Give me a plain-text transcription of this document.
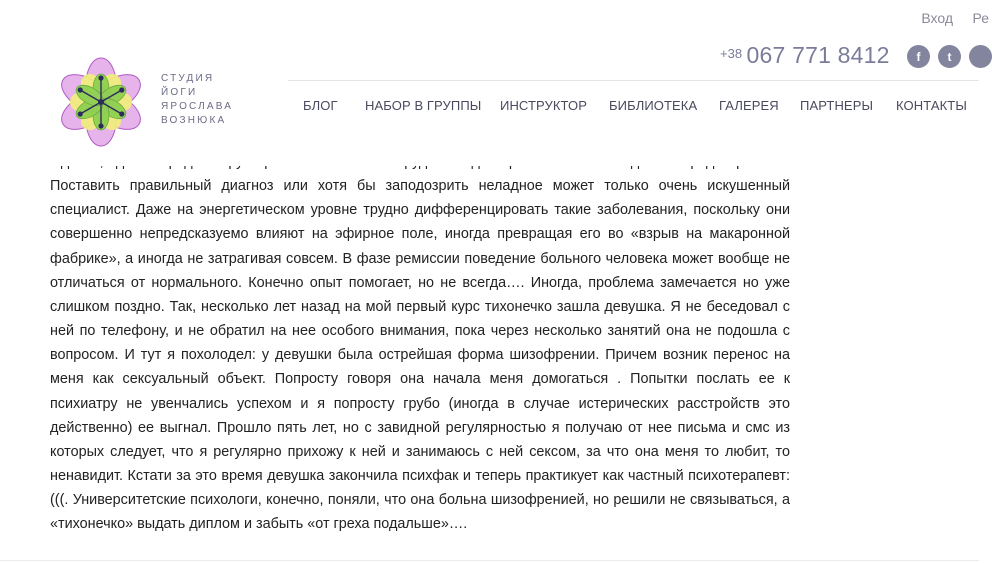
Поставить правильный диагноз или хотя бы заподозрить неладное может только очень искушенный специалист. Даже на энергетическом уровне трудно дифференцировать такие заболевания, поскольку они совершенно непредсказуемо влияют на эфирное поле, иногда превращая его во «взрыв на макаронной фабрике», а иногда не затрагивая совсем. В фазе ремиссии поведение больного человека может вообще не отличаться от нормального. Конечно опыт помогает, но не всегда…. Иногда, проблема замечается но уже слишком поздно. Так, несколько лет назад на мой первый курс тихонечко зашла девушка. Я не беседовал с ней по телефону, и не обратил на нее особого внимания, пока через несколько занятий она не подошла с вопросом. И тут я похолодел: у девушки была острейшая форма шизофрении. Причем возник перенос на меня как сексуальный объект. Попросту говоря она начала меня домогаться . Попытки послать ее к психиатру не увенчались успехом и я попросту грубо (иногда в случае истерических расстройств это действенно) ее выгнал. Прошло пять лет, но с завидной регулярностью я получаю от нее письма и смс из которых следует, что я регулярно прихожу к ней и занимаюсь с ней сексом, за что она меня то любит, то ненавидит. Кстати за это время девушка закончила психфак и теперь практикует как частный психотерапевт:(((. Университетские психологи, конечно, поняли, что она больна шизофренией, но решили не связываться, а «тихонечко» выдать диплом и забыть «от греха подальше»….

Вход Ре
СТУДИЯ
ЙОГИ
ЯРОСЛАВА
ВОЗНЮКА
$^{+38}$ 067 771 8412	f	t
БЛОГ НАБОР В ГРУППЫ ИНСТРУКТОР БИБЛИОТЕКА ГАЛЕРЕЯ ПАРТНЕРЫ КОНТАКТЫ
